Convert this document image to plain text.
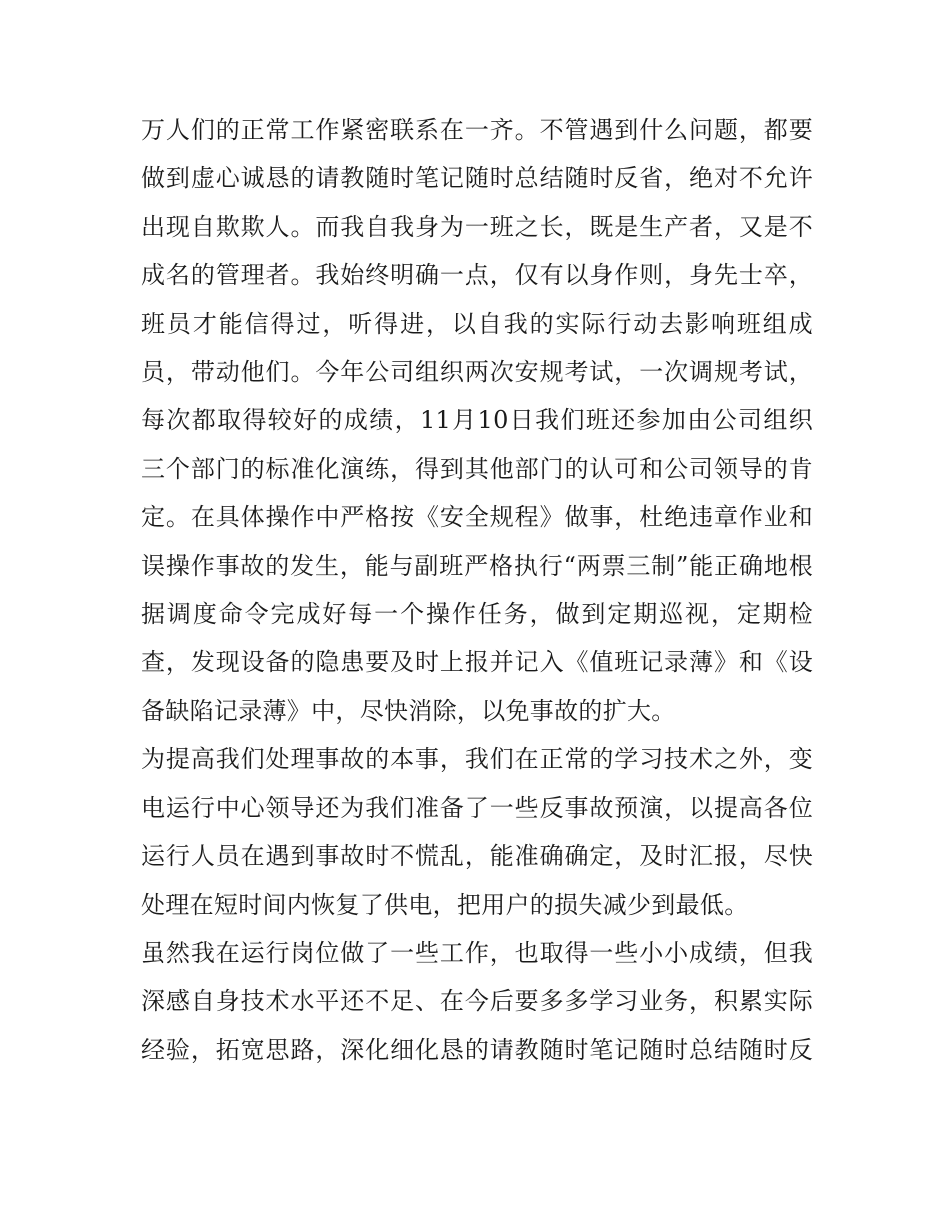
万人们的正常工作紧密联系在一齐。不管遇到什么问题，都要
做到虚心诚恳的请教随时笔记随时总结随时反省，绝对不允许
出现自欺欺人。而我自我身为一班之长，既是生产者，又是不
成名的管理者。我始终明确一点，仅有以身作则，身先士卒，
班员才能信得过，听得进，以自我的实际行动去影响班组成
员，带动他们。今年公司组织两次安规考试，一次调规考试，
每次都取得较好的成绩，11月10日我们班还参加由公司组织
三个部门的标准化演练，得到其他部门的认可和公司领导的肯
定。在具体操作中严格按《安全规程》做事，杜绝违章作业和
误操作事故的发生，能与副班严格执行“两票三制”能正确地根
据调度命令完成好每一个操作任务，做到定期巡视，定期检
查，发现设备的隐患要及时上报并记入《值班记录薄》和《设
备缺陷记录薄》中，尽快消除，以免事故的扩大。

为提高我们处理事故的本事，我们在正常的学习技术之外，变
电运行中心领导还为我们准备了一些反事故预演，以提高各位
运行人员在遇到事故时不慌乱，能准确确定，及时汇报，尽快
处理在短时间内恢复了供电，把用户的损失减少到最低。

虽然我在运行岗位做了一些工作，也取得一些小小成绩，但我
深感自身技术水平还不足、在今后要多多学习业务，积累实际
经验，拓宽思路，深化细化恳的请教随时笔记随时总结随时反
